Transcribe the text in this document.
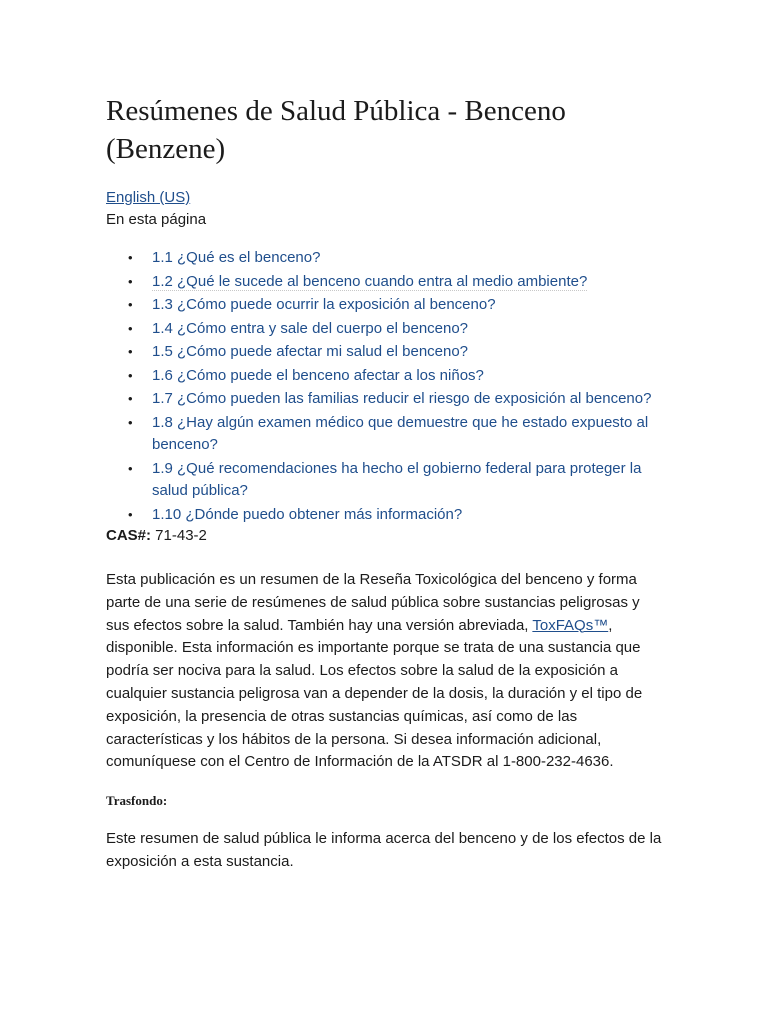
Resúmenes de Salud Pública - Benceno (Benzene)
English (US)

En esta página

• 1.1 ¿Qué es el benceno?
• 1.2 ¿Qué le sucede al benceno cuando entra al medio ambiente?
• 1.3 ¿Cómo puede ocurrir la exposición al benceno?
• 1.4 ¿Cómo entra y sale del cuerpo el benceno?
• 1.5 ¿Cómo puede afectar mi salud el benceno?
• 1.6 ¿Cómo puede el benceno afectar a los niños?
• 1.7 ¿Cómo pueden las familias reducir el riesgo de exposición al benceno?
• 1.8 ¿Hay algún examen médico que demuestre que he estado expuesto al benceno?
• 1.9 ¿Qué recomendaciones ha hecho el gobierno federal para proteger la salud pública?
• 1.10 ¿Dónde puedo obtener más información?

CAS#: 71-43-2

Esta publicación es un resumen de la Reseña Toxicológica del benceno y forma parte de una serie de resúmenes de salud pública sobre sustancias peligrosas y sus efectos sobre la salud. También hay una versión abreviada, ToxFAQs™, disponible. Esta información es importante porque se trata de una sustancia que podría ser nociva para la salud. Los efectos sobre la salud de la exposición a cualquier sustancia peligrosa van a depender de la dosis, la duración y el tipo de exposición, la presencia de otras sustancias químicas, así como de las características y los hábitos de la persona. Si desea información adicional, comuníquese con el Centro de Información de la ATSDR al 1-800-232-4636.

Trasfondo:

Este resumen de salud pública le informa acerca del benceno y de los efectos de la exposición a esta sustancia.
